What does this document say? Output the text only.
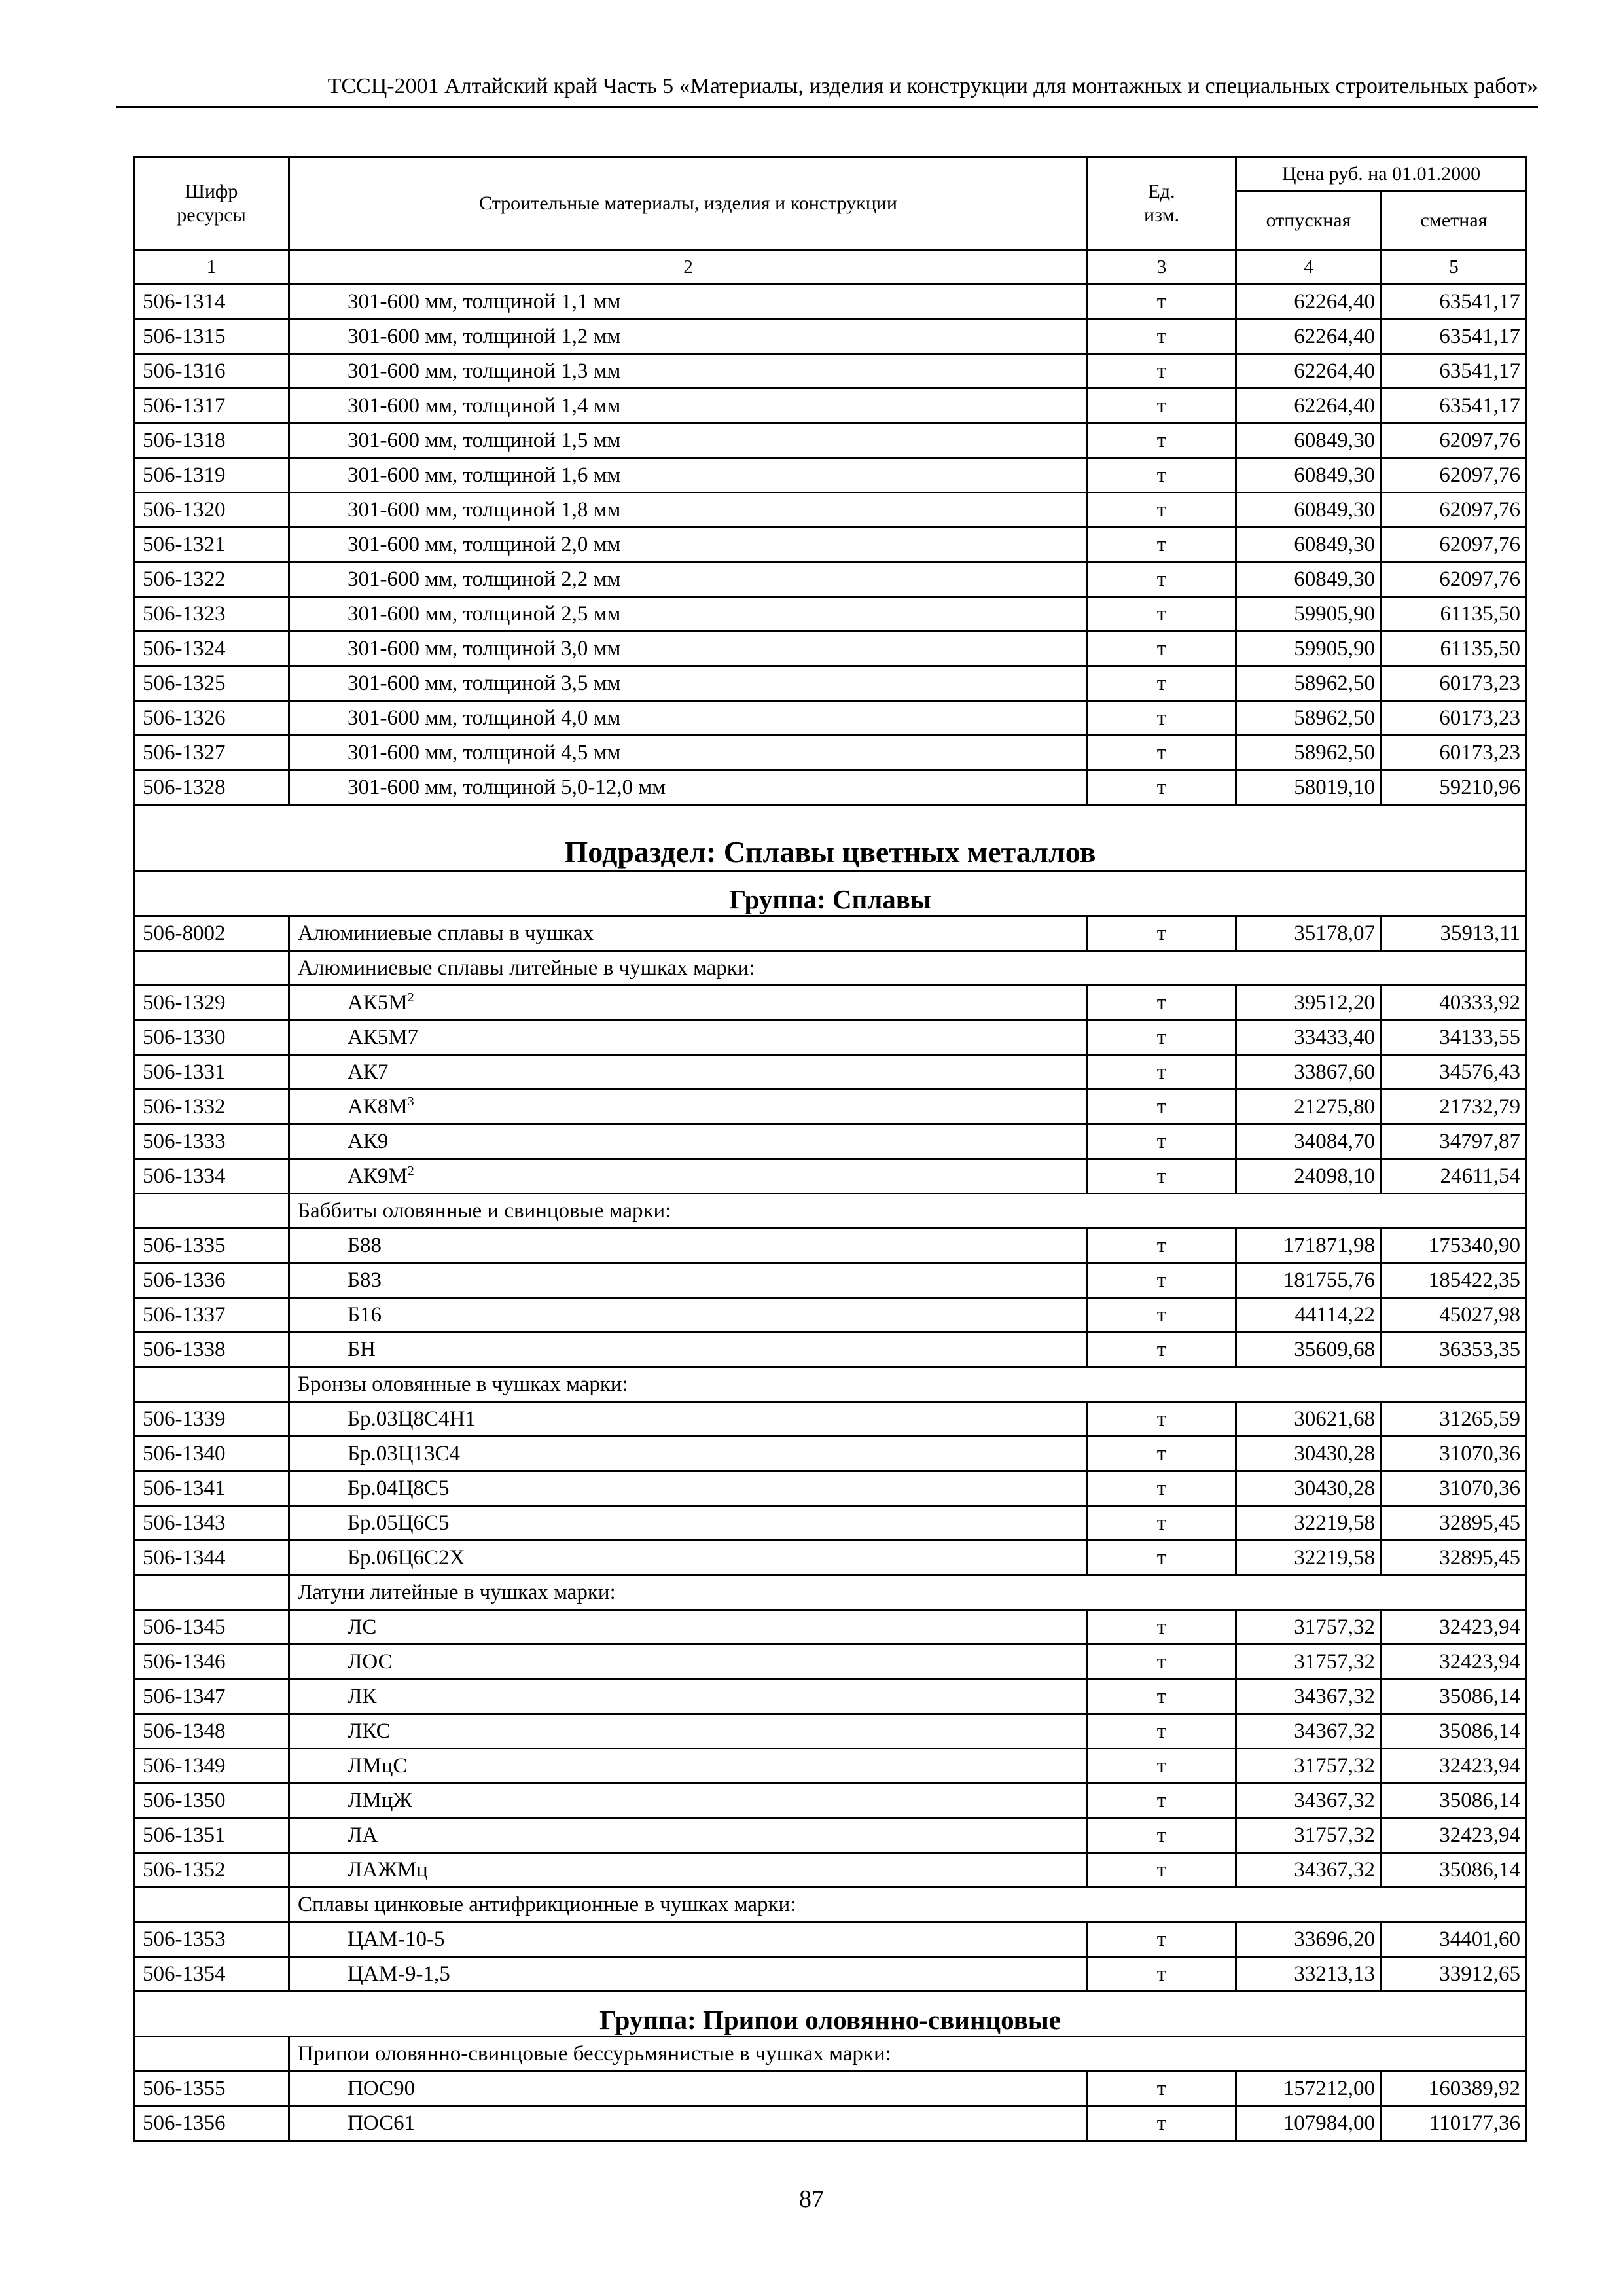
ТССЦ-2001 Алтайский край Часть 5 «Материалы, изделия и конструкции для монтажных и специальных строительных работ»
Шифр ресурсы	Строительные материалы, изделия и конструкции	Ед. изм.	Цена руб. на 01.01.2000	
			отпускная	сметная
1	2	3	4	5
506-1314	301-600 мм, толщиной 1,1 мм	т	62264,40	63541,17
506-1315	301-600 мм, толщиной 1,2 мм	т	62264,40	63541,17
506-1316	301-600 мм, толщиной 1,3 мм	т	62264,40	63541,17
506-1317	301-600 мм, толщиной 1,4 мм	т	62264,40	63541,17
506-1318	301-600 мм, толщиной 1,5 мм	т	60849,30	62097,76
506-1319	301-600 мм, толщиной 1,6 мм	т	60849,30	62097,76
506-1320	301-600 мм, толщиной 1,8 мм	т	60849,30	62097,76
506-1321	301-600 мм, толщиной 2,0 мм	т	60849,30	62097,76
506-1322	301-600 мм, толщиной 2,2 мм	т	60849,30	62097,76
506-1323	301-600 мм, толщиной 2,5 мм	т	59905,90	61135,50
506-1324	301-600 мм, толщиной 3,0 мм	т	59905,90	61135,50
506-1325	301-600 мм, толщиной 3,5 мм	т	58962,50	60173,23
506-1326	301-600 мм, толщиной 4,0 мм	т	58962,50	60173,23
506-1327	301-600 мм, толщиной 4,5 мм	т	58962,50	60173,23
506-1328	301-600 мм, толщиной 5,0-12,0 мм	т	58019,10	59210,96
Подраздел: Сплавы цветных металлов				
Группа: Сплавы				
506-8002	Алюминиевые сплавы в чушках	т	35178,07	35913,11
	Алюминиевые сплавы литейные в чушках марки:			
506-1329	$АК5М^2$	т	39512,20	40333,92
506-1330	АК5М7	т	33433,40	34133,55
506-1331	АК7	т	33867,60	34576,43
506-1332	$АК8М^3$	т	21275,80	21732,79
506-1333	АК9	т	34084,70	34797,87
506-1334	$АК9М^2$	т	24098,10	24611,54
	Баббиты оловянные и свинцовые марки:			
506-1335	Б88	т	171871,98	175340,90
506-1336	Б83	т	181755,76	185422,35
506-1337	Б16	т	44114,22	45027,98
506-1338	БН	т	35609,68	36353,35
	Бронзы оловянные в чушках марки:			
506-1339	Бр.03Ц8С4Н1	т	30621,68	31265,59
506-1340	Бр.03Ц13С4	т	30430,28	31070,36
506-1341	Бр.04Ц8С5	т	30430,28	31070,36
506-1343	Бр.05Ц6С5	т	32219,58	32895,45
506-1344	Бр.06Ц6С2Х	т	32219,58	32895,45
	Латуни литейные в чушках марки:			
506-1345	ЛС	т	31757,32	32423,94
506-1346	ЛОС	т	31757,32	32423,94
506-1347	ЛК	т	34367,32	35086,14
506-1348	ЛКС	т	34367,32	35086,14
506-1349	ЛМцС	т	31757,32	32423,94
506-1350	ЛМцЖ	т	34367,32	35086,14
506-1351	ЛА	т	31757,32	32423,94
506-1352	ЛАЖМц	т	34367,32	35086,14
	Сплавы цинковые антифрикционные в чушках марки:			
506-1353	ЦАМ-10-5	т	33696,20	34401,60
506-1354	ЦАМ-9-1,5	т	33213,13	33912,65
Группа: Припои оловянно-свинцовые				
	Припои оловянно-свинцовые бессурьмянистые в чушках марки:			
506-1355	ПОС90	т	157212,00	160389,92
506-1356	ПОС61	т	107984,00	110177,36
87
